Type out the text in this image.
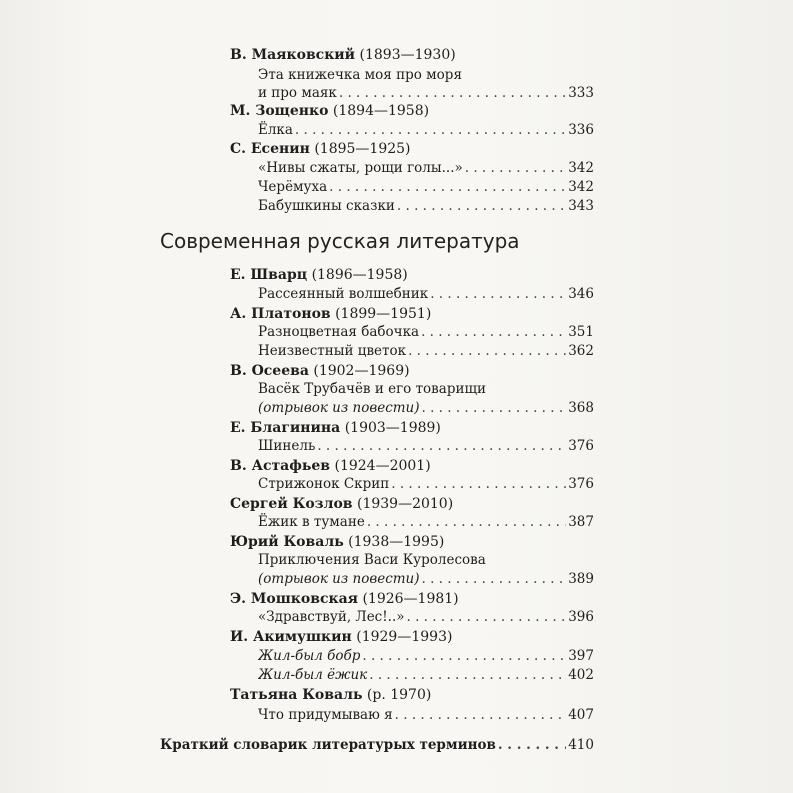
В. Маяковский (1893—1930)
Эта книжечка моя про моря
и про маяк . . .	333
М. Зощенко (1894—1958)
Ёлка . . .	336
С. Есенин (1895—1925)
«Нивы сжаты, рощи голы...» . . .	342
Черёмуха . . .	342
Бабушкины сказки . . .	343
Современная русская литература
Е. Шварц (1896—1958)
Рассеянный волшебник . . .	346
А. Платонов (1899—1951)
Разноцветная бабочка . . .	351
Неизвестный цветок . . .	362
В. Осеева (1902—1969)
Васёк Трубачёв и его товарищи
(отрывок из повести) . . .	368
Е. Благинина (1903—1989)
Шинель . . .	376
В. Астафьев (1924—2001)
Стрижонок Скрип . . .	376
Сергей Козлов (1939—2010)
Ёжик в тумане . . .	387
Юрий Коваль (1938—1995)
Приключения Васи Куролесова
(отрывок из повести) . . .	389
Э. Мошковская (1926—1981)
«Здравствуй, Лес!..» . . .	396
И. Акимушкин (1929—1993)
Жил-был бобр . . .	397
Жил-был ёжик . . .	402
Татьяна Коваль (р. 1970)
Что придумываю я . . .	407
Краткий словарик литературых терминов . . .	410
